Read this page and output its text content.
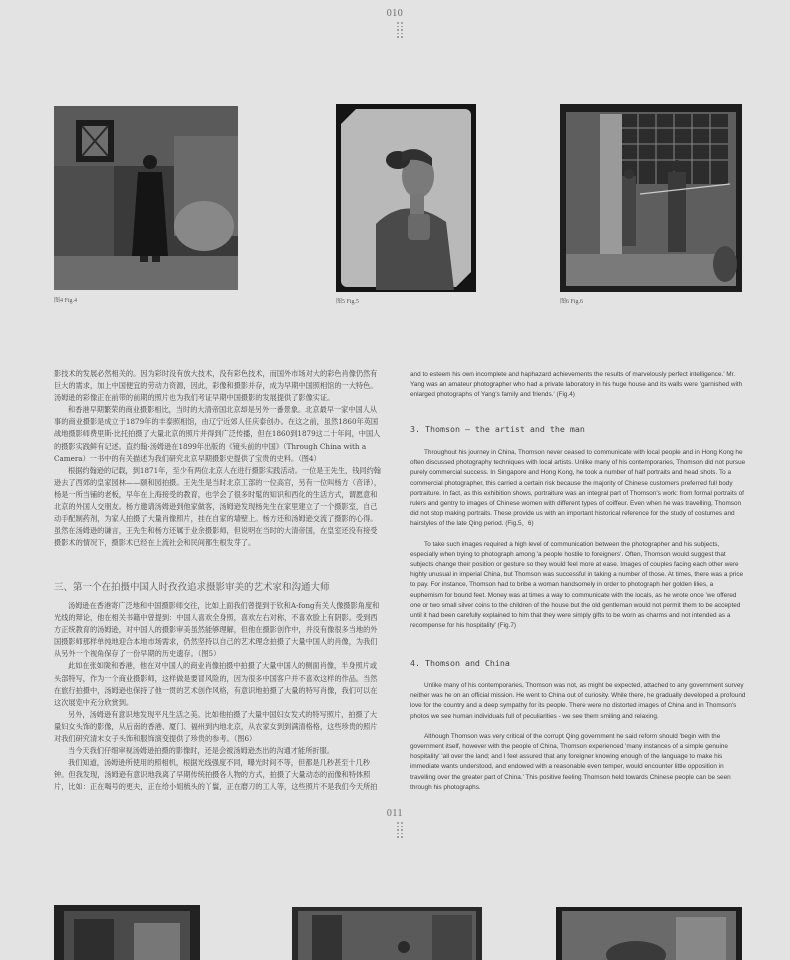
010
图4 Fig.4	图5 Fig.5	图6 Fig.6

影技术的发展必然相关的。因为彩时没有放大技术，没有彩色技术，而国外市场对大的彩色肖像仍然有巨大的需求，加上中国便宜的劳动力资源，因此，彩像和摄影并存，成为早期中国照相馆的一大特色。汤姆逊的彩像正在前带的前期的照片也为我们考证早期中国摄影的发展提供了影像实证。

和香港早期繁荣的商业摄影相比，当时的大清帝国北京却是另外一番景象。北京最早一家中国人从事的商业摄影是成立于1879年的丰泰照相馆，由辽宁近郊人任庆泰创办。在这之前，虽然1860年英国战地摄影师费里斯·比托拍摄了大量北京的照片并得到广泛传播，但在1860到1879这二十年间，中国人的摄影实践鲜有记述。直约翰·汤姆逊在1899年出版的《镜头前的中国》（Through China with a Camera）一书中的有关描述为我们研究北京早期摄影史提供了宝贵的史料。（图4）

根据约翰逊的记载，到1871年，至少有两位北京人在进行摄影实践活动。一位是王先生，钱同约翰逊去了西郊的皇家园林——颐和园拍摄。王先生是当时北京工部的一位高官，另有一位叫杨方（音译），杨是一所当铺的老板，早年在上海接受的教育，也学会了很多时髦的知识和西化的生活方式，谓愿意和北京的外国人交朋友。杨方邀请汤姆逊到他家做客，汤姆逊发现杨先生在家里建立了一个摄影室，自己动手配制药剂，为家人拍摄了大量肖像照片，挂在自家的墙壁上。杨方还和汤姆逊交流了摄影的心得。虽然在汤姆逊的谦言，王先生和杨方还属于业余摄影师，但说明在当时的大清帝国，在皇室还没有接受摄影术的情况下，摄影术已经在上流社会和民间都生根发芽了。

三、第一个在拍摄中国人时孜孜追求摄影审美的艺术家和沟通大师

汤姆逊在香港寄广泛地和中国摄影师交往，比如上面我们曾提到于钦和A-fong有关人像摄影角度和光线的辩论，他在相关书籍中曾提到：中国人喜欢全身照，喜欢左右对称，不喜欢脸上有阴影。受到西方正统教育的汤姆逊，对中国人的摄影审美虽然能够理解，但他在摄影创作中，并没有像很多当地的外国摄影师那样单纯地迎合本地市场需求，仍然坚持以自己的艺术理念拍摄了大量中国人的肖像，为我们从另外一个视角保存了一份早期的历史遗存。（图5）

此如在张如陇和香港，他在对中国人的商业肖像拍摄中拍摄了大量中国人的侧面肖像，半身照片或头部特写，作为一个商业摄影师，这样做是要冒风险的，因为很多中国客户并不喜欢这样的作品。当然在旅行拍摄中，汤姆逊也保持了他一贯的艺术创作风格，有意识地拍摄了大量的特写肖像，我们可以在这次展览中充分欣赏到。

另外，汤姆逊有意识地发现平凡生活之美。比如他拍摄了大量中国妇女发式的特写照片，拍摄了大量妇女头饰的影像，从后南的香港、厦门、福州到内地北京，从农家女到到满清格格，这些珍贵的照片对我们研究清末女子头饰和服饰演变提供了珍贵的参考。（图6）

当今天我们仔细审视汤姆逊拍摄的影像时，还是会被汤姆逊杰出的沟通才能所折服。

我们知道，汤姆逊所使用的照相机，根据光线强度不同，曝光时间不等，但都是几秒甚至十几秒钟。但我发现，汤姆逊有意识地我离了早期传统拍摄各人物的方式，拍摄了大量动态的而像和特体照片，比如：正在喝号的更夫，正在给小姐梳头的丫鬟，正在磨刀的工人等，这些照片不是我们今天所拍

and to esteem his own incomplete and haphazard achievements the results of marvelously perfect intelligence.' Mr. Yang was an amateur photographer who had a private laboratory in his huge house and its walls were 'garnished with enlarged photographs of Yang's family and friends.' (Fig.4)

3. Thomson – the artist and the man

Throughout his journey in China, Thomson never ceased to communicate with local people and in Hong Kong he often discussed photography techniques with local artists. Unlike many of his contemporaries, Thomson did not pursue purely commercial success. In Singapore and Hong Kong, he took a number of half portraits and head shots. To a commercial photographer, this carried a certain risk because the majority of Chinese customers preferred full body portraiture. In fact, as this exhibition shows, portraiture was an integral part of Thomson's work: from formal portraits of rulers and gentry to images of Chinese women with different types of coiffeur. Even when he was travelling, Thomson did not stop making portraits. These provide us with an important historical reference for the study of costumes and hairstyles of the late Qing period. (Fig.5、6)

To take such images required a high level of communication between the photographer and his subjects, especially when trying to photograph among 'a people hostile to foreigners'. Often, Thomson would suggest that subjects change their position or gesture so they would feel more at ease. Images of couples facing each other were highly unusual in imperial China, but Thomson was successful in taking a number of those. At times, there was a price to pay. For instance, Thomson had to bribe a woman handsomely in order to photograph her golden lilies, a euphemism for bound feet. Money was at times a way to communicate with the locals, as he wrote once 'we offered one or two small silver coins to the children of the house but the old gentleman would not permit them to be accepted until it had been carefully explained to him that they were simply gifts to be worn as charms and not intended as a recompense for his hospitality' (Fig.7)

4. Thomson and China

Unlike many of his contemporaries, Thomson was not, as might be expected, attached to any government survey neither was he on an official mission. He went to China out of curiosity. While there, he gradually developed a profound love for the country and a deep sympathy for its people. There were no distorted images of China and in Thomson's photos we see human individuals full of peculiarities - we see them smiling and relaxing.

Although Thomson was very critical of the corrupt Qing government he said reform should 'begin with the government itself, however with the people of China, Thomson experienced 'many instances of a simple genuine hospitality' 'all over the land; and I feel assured that any foreigner knowing enough of the language to make his immediate wants understood, and endowed with a reasonable even temper, would encounter little opposition in travelling over the greater part of China.' This positive feeling Thomson held towards Chinese people can be seen through his photographs.

011
